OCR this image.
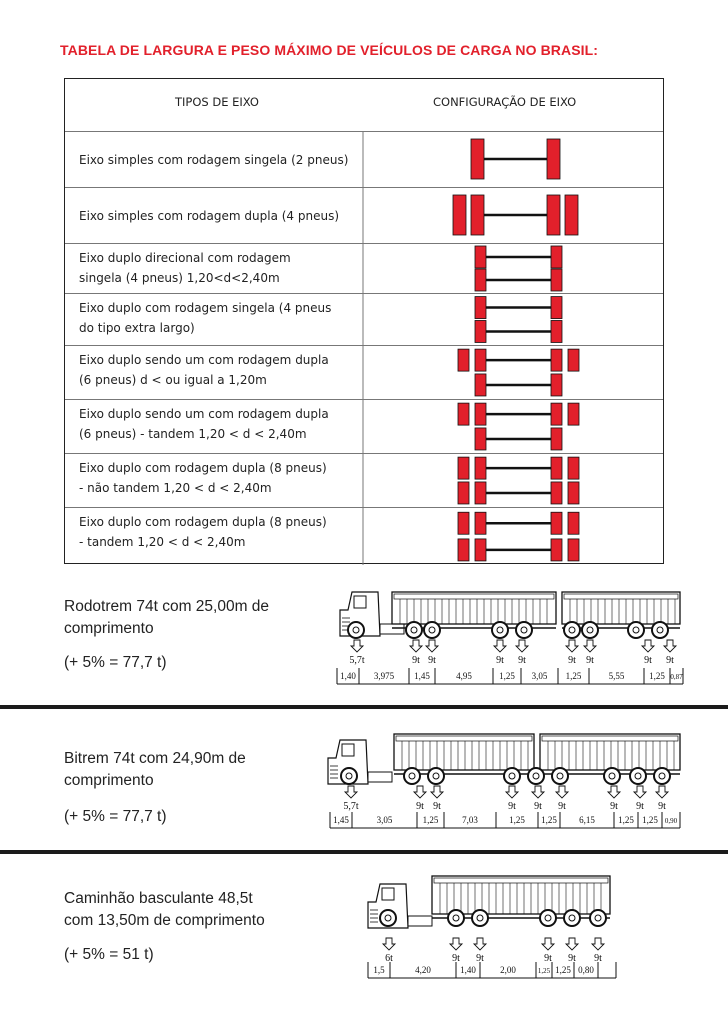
TABELA DE LARGURA E PESO MÁXIMO DE VEÍCULOS DE CARGA NO BRASIL:
TIPOS DE EIXO	CONFIGURAÇÃO DE EIXO
Eixo simples com rodagem singela (2 pneus)
Eixo simples com rodagem dupla (4 pneus)
Eixo duplo direcional com rodagem
singela (4 pneus) 1,20<d<2,40m
Eixo duplo com rodagem singela (4 pneus
do tipo extra largo)
Eixo duplo sendo um com rodagem dupla
(6 pneus) d < ou igual a 1,20m
Eixo duplo sendo um com rodagem dupla
(6 pneus) - tandem 1,20 < d < 2,40m
Eixo duplo com rodagem dupla (8 pneus)
- não tandem 1,20 < d < 2,40m
Eixo duplo com rodagem dupla (8 pneus)
- tandem 1,20 < d < 2,40m
5,7t	9t 9t	9t 9t	9t 9t	9t 9t
1,40 3,975 1,45	4,95	1,25 3,05 1,25	5,55	1,25 0,87
5,7t	9t 9t	9t 9t 9t	9t 9t 9t
1,45	3,05	1,25	7,03	1,25 1,25 6,15	1,25 1,25 0,90
6t	9t 9t	9t 9t 9t
1,5	4,20	1,40	2,00	1,25 1,25 0,80
Rodotrem 74t com 25,00m de
comprimento
(+ 5% = 77,7 t)
Bitrem 74t com 24,90m de
comprimento
(+ 5% = 77,7 t)
Caminhão basculante 48,5t
com 13,50m de comprimento
(+ 5% = 51 t)
